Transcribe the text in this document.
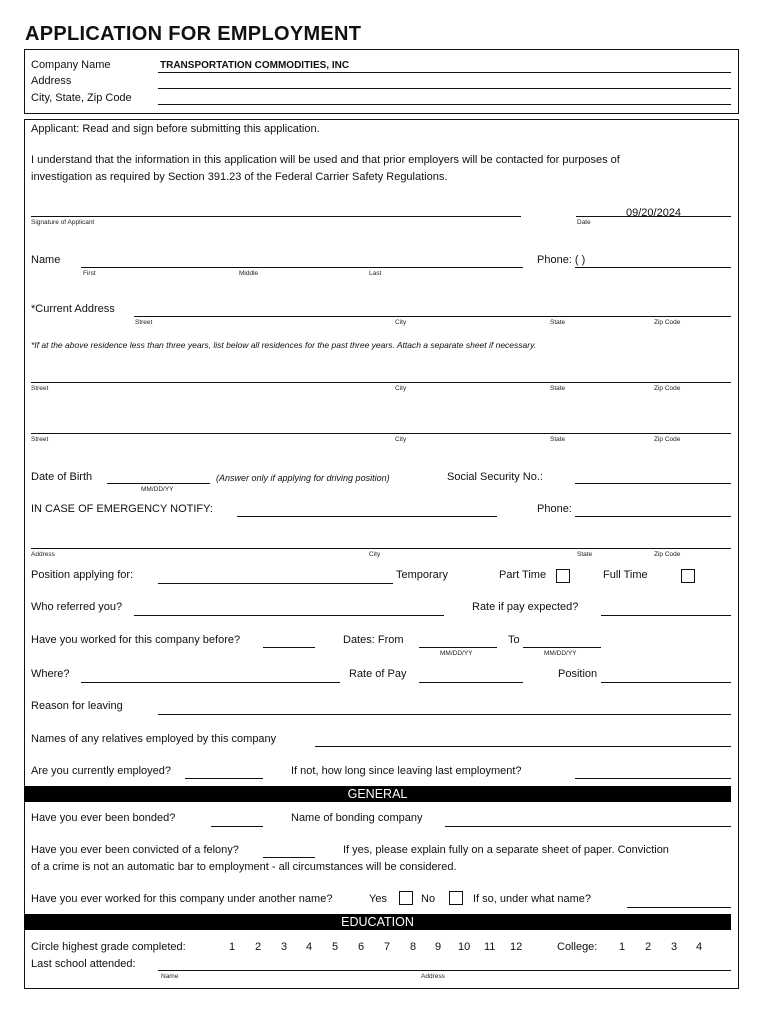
APPLICATION FOR EMPLOYMENT
Company Name	TRANSPORTATION COMMODITIES, INC
Address
City, State, Zip Code
Applicant: Read and sign before submitting this application.
I understand that the information in this application will be used and that prior employers will be contacted for purposes of
investigation as required by Section 391.23 of the Federal Carrier Safety Regulations.
Signature of Applicant
09/20/2024
Date
Name
First	Middle	Last
Phone: ( )
*Current Address
Street	City	State	Zip Code
*If at the above residence less than three years, list below all residences for the past three years. Attach a separate sheet if necessary.
Street	City	State	Zip Code
Street	City	State	Zip Code
Date of Birth
MM/DD/YY
(Answer only if applying for driving position)	Social Security No.:
IN CASE OF EMERGENCY NOTIFY:	Phone:
Address	City	State	Zip Code
Position applying for:	Temporary	Part Time	Full Time
Who referred you?	Rate if pay expected?
Have you worked for this company before?	Dates: From
MM/DD/YY
To
MM/DD/YY
Where?	Rate of Pay	Position
Reason for leaving
Names of any relatives employed by this company
Are you currently employed?	If not, how long since leaving last employment?
GENERAL
Have you ever been bonded?	Name of bonding company
Have you ever been convicted of a felony?	If yes, please explain fully on a separate sheet of paper. Conviction
of a crime is not an automatic bar to employment - all circumstances will be considered.
Have you ever worked for this company under another name?	Yes	No	If so, under what name?
EDUCATION
Circle highest grade completed:	1 2 3 4 5 6 7 8 9 10 11 12	College: 1 2 3 4
Last school attended:
Name	Address
